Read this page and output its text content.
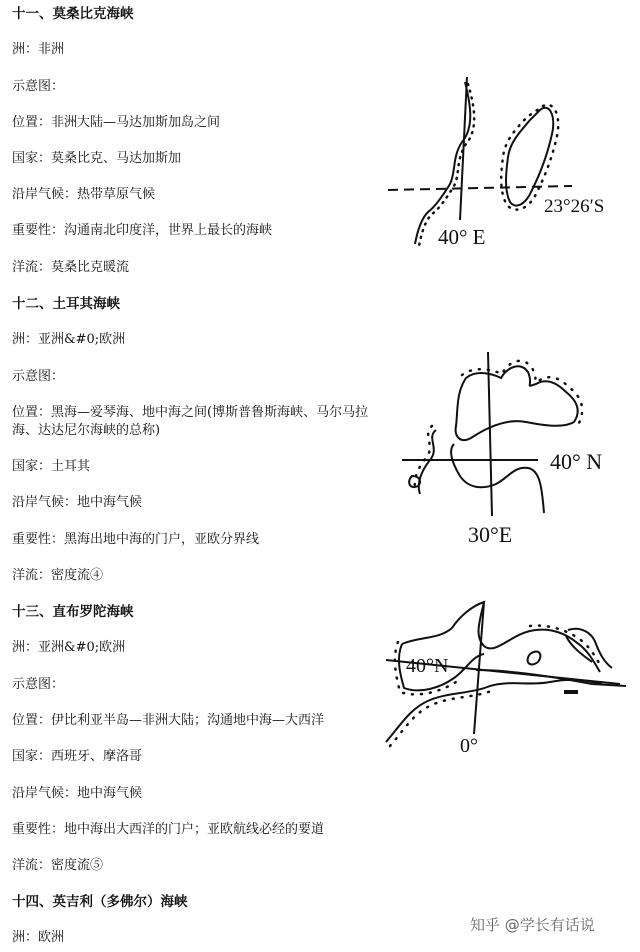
十一、莫桑比克海峡
洲：非洲
示意图：
位置：非洲大陆—马达加斯加岛之间
国家：莫桑比克、马达加斯加
沿岸气候：热带草原气候
重要性：沟通南北印度洋，世界上最长的海峡
洋流：莫桑比克暖流
23°26′S
40° E
十二、土耳其海峡
洲：亚洲&#0;欧洲
示意图：
位置：黑海—爱琴海、地中海之间(博斯普鲁斯海峡、马尔马拉
海、达达尼尔海峡的总称)
国家：土耳其
沿岸气候：地中海气候
重要性：黑海出地中海的门户，亚欧分界线
洋流：密度流④
40° N
30°E
十三、直布罗陀海峡
洲：亚洲&#0;欧洲
示意图：
位置：伊比利亚半岛—非洲大陆；沟通地中海—大西洋
国家：西班牙、摩洛哥
沿岸气候：地中海气候
重要性：地中海出大西洋的门户；亚欧航线必经的要道
洋流：密度流⑤
40°N
0°
十四、英吉利（多佛尔）海峡
洲：欧洲
知乎 @学长有话说
